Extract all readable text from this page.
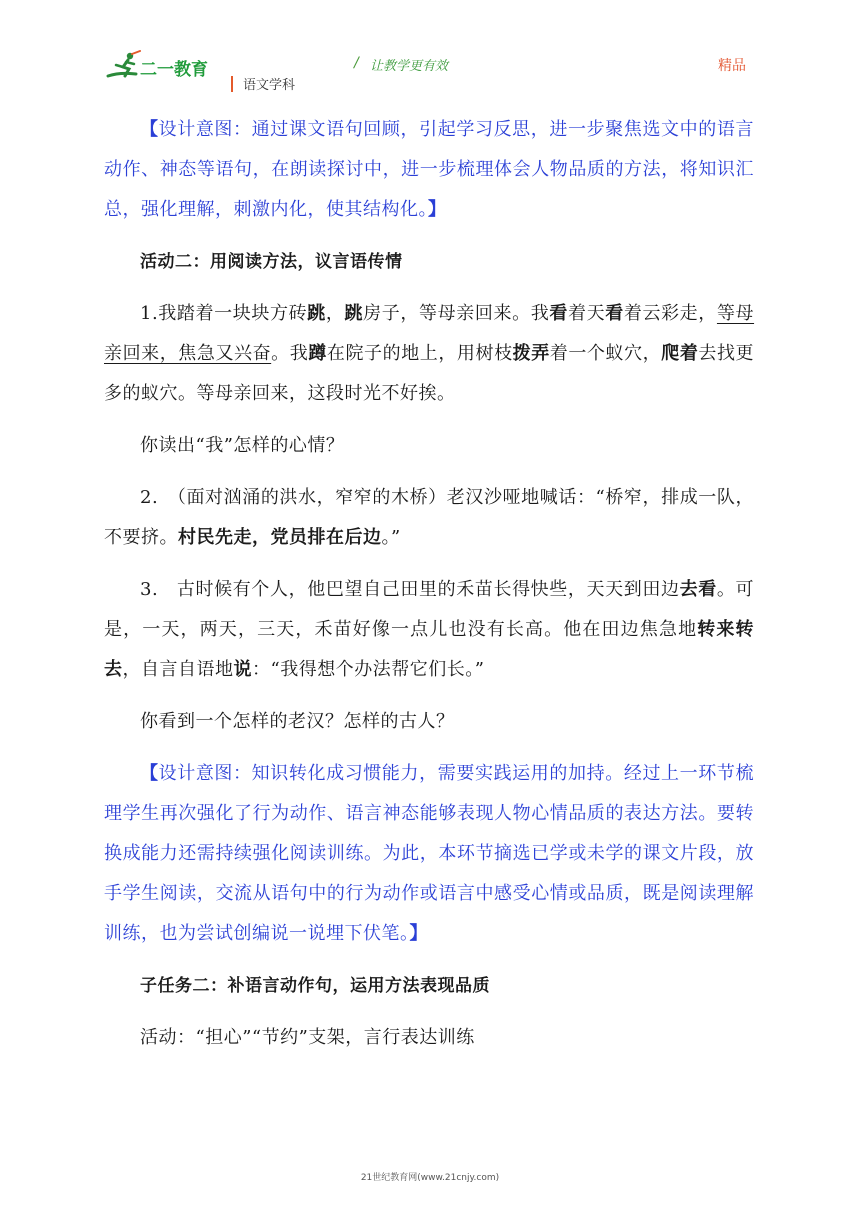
二一教育
语文学科
/ 让教学更有效	精品

【设计意图：通过课文语句回顾，引起学习反思，进一步聚焦选文中的语言动作、神态等语句，在朗读探讨中，进一步梳理体会人物品质的方法，将知识汇总，强化理解，刺激内化，使其结构化。】

活动二：用阅读方法，议言语传情

1.我踏着一块块方砖跳，跳房子，等母亲回来。我看着天看着云彩走，等母亲回来，焦急又兴奋。我蹲在院子的地上，用树枝拨弄着一个蚁穴，爬着去找更多的蚁穴。等母亲回来，这段时光不好挨。

你读出“我”怎样的心情？

2.　（面对汹涌的洪水，窄窄的木桥）老汉沙哑地喊话：“桥窄，排成一队，不要挤。村民先走，党员排在后边。”

3.　古时候有个人，他巴望自己田里的禾苗长得快些，天天到田边去看。可是，一天，两天，三天，禾苗好像一点儿也没有长高。他在田边焦急地转来转去，自言自语地说：“我得想个办法帮它们长。”

你看到一个怎样的老汉？怎样的古人？

【设计意图：知识转化成习惯能力，需要实践运用的加持。经过上一环节梳理学生再次强化了行为动作、语言神态能够表现人物心情品质的表达方法。要转换成能力还需持续强化阅读训练。为此，本环节摘选已学或未学的课文片段，放手学生阅读，交流从语句中的行为动作或语言中感受心情或品质，既是阅读理解训练，也为尝试创编说一说埋下伏笔。】

子任务二：补语言动作句，运用方法表现品质

活动：“担心”“节约”支架，言行表达训练

21世纪教育网(www.21cnjy.com)
